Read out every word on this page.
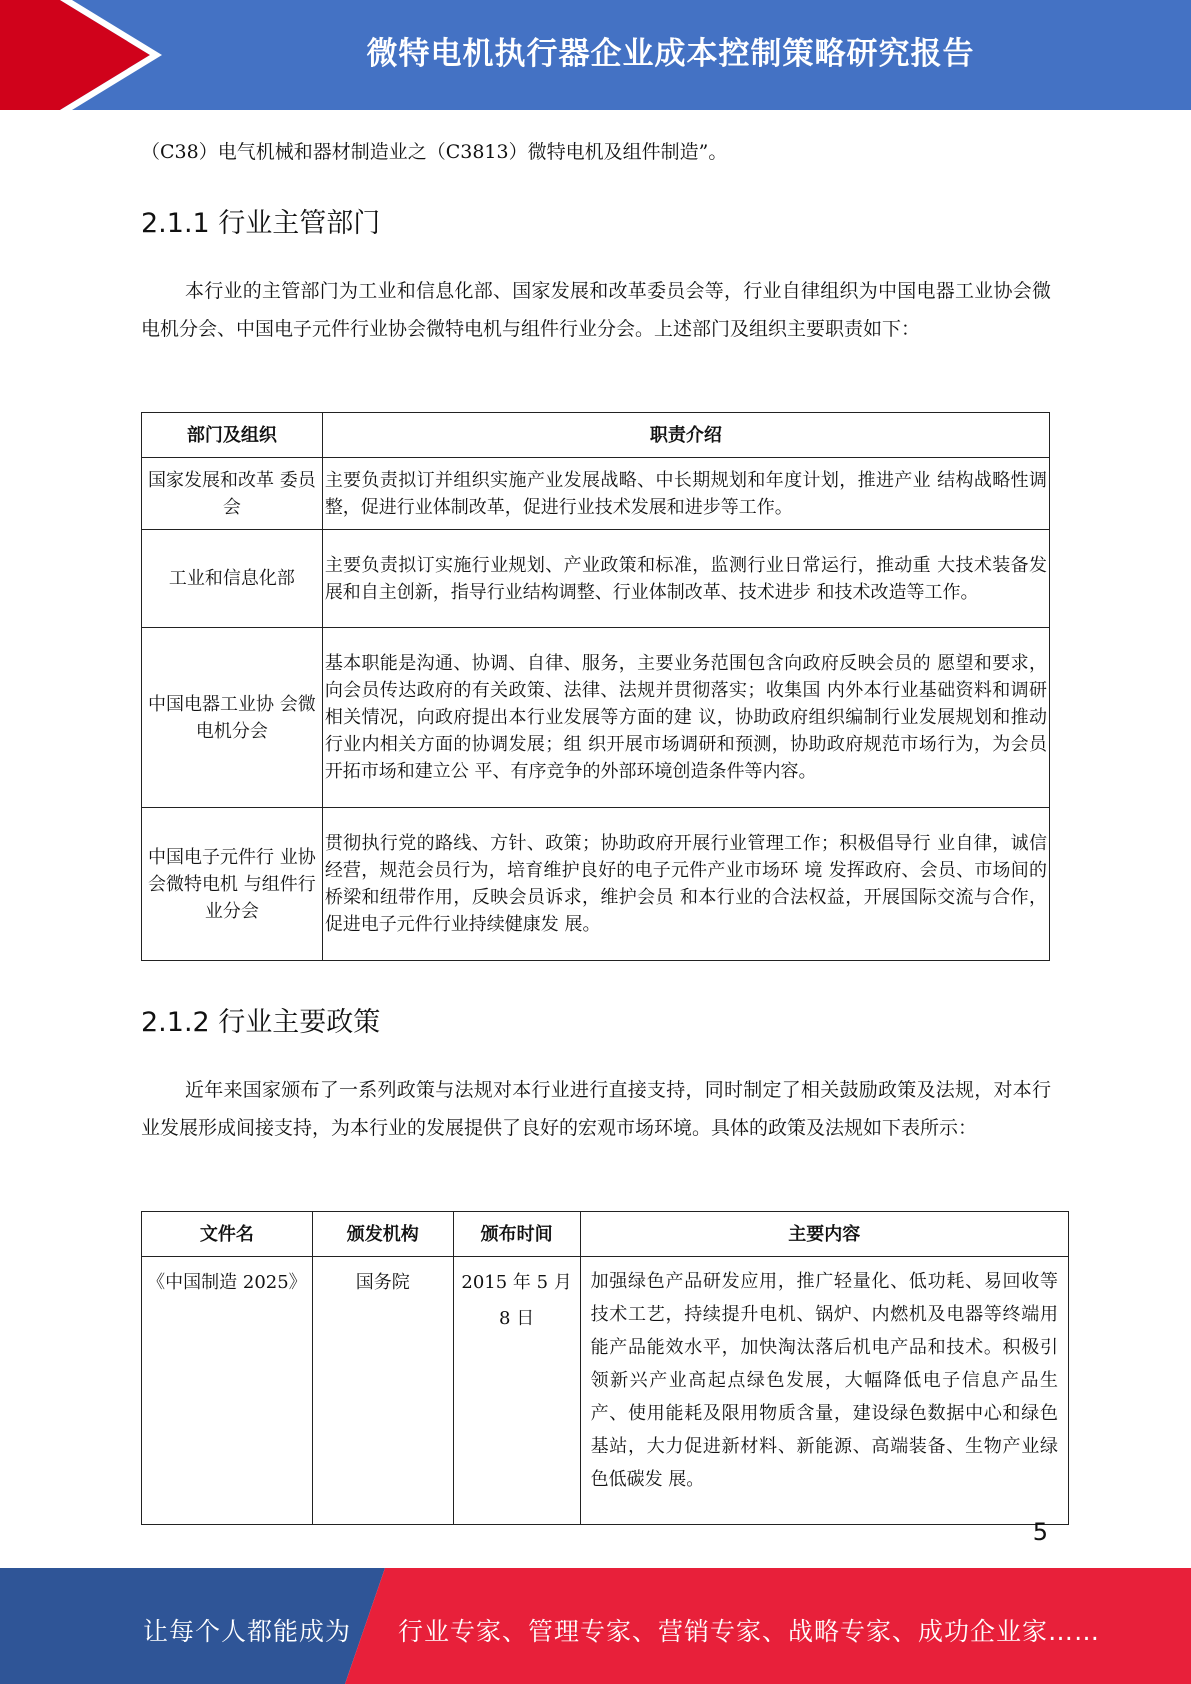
微特电机执行器企业成本控制策略研究报告
（C38）电气机械和器材制造业之（C3813）微特电机及组件制造”。
2.1.1 行业主管部门
本行业的主管部门为工业和信息化部、国家发展和改革委员会等，行业自律组织为中国电器工业协会微电机分会、中国电子元件行业协会微特电机与组件行业分会。上述部门及组织主要职责如下：
部门及组织	职责介绍
国家发展和改革 委员会	主要负责拟订并组织实施产业发展战略、中长期规划和年度计划，推进产业 结构战略性调整，促进行业体制改革，促进行业技术发展和进步等工作。
工业和信息化部	主要负责拟订实施行业规划、产业政策和标准，监测行业日常运行，推动重 大技术装备发展和自主创新，指导行业结构调整、行业体制改革、技术进步 和技术改造等工作。
中国电器工业协 会微电机分会	基本职能是沟通、协调、自律、服务，主要业务范围包含向政府反映会员的 愿望和要求，向会员传达政府的有关政策、法律、法规并贯彻落实；收集国 内外本行业基础资料和调研相关情况，向政府提出本行业发展等方面的建 议，协助政府组织编制行业发展规划和推动行业内相关方面的协调发展；组 织开展市场调研和预测，协助政府规范市场行为，为会员开拓市场和建立公 平、有序竞争的外部环境创造条件等内容。
中国电子元件行 业协会微特电机 与组件行业分会	贯彻执行党的路线、方针、政策；协助政府开展行业管理工作；积极倡导行 业自律，诚信经营，规范会员行为，培育维护良好的电子元件产业市场环 境 发挥政府、会员、市场间的桥梁和纽带作用，反映会员诉求，维护会员 和本行业的合法权益，开展国际交流与合作，促进电子元件行业持续健康发 展。
2.1.2 行业主要政策
近年来国家颁布了一系列政策与法规对本行业进行直接支持，同时制定了相关鼓励政策及法规，对本行业发展形成间接支持，为本行业的发展提供了良好的宏观市场环境。具体的政策及法规如下表所示：
文件名	颁发机构	颁布时间	主要内容
《中国制造 2025》	国务院	2015 年 5 月 8 日	加强绿色产品研发应用，推广轻量化、低功耗、易回收等技术工艺，持续提升电机、锅炉、内燃机及电器等终端用能产品能效水平，加快淘汰落后机电产品和技术。积极引领新兴产业高起点绿色发展，大幅降低电子信息产品生产、使用能耗及限用物质含量，建设绿色数据中心和绿色基站，大力促进新材料、新能源、高端装备、生物产业绿色低碳发 展。
5
让每个人都能成为 行业专家、管理专家、营销专家、战略专家、成功企业家……
